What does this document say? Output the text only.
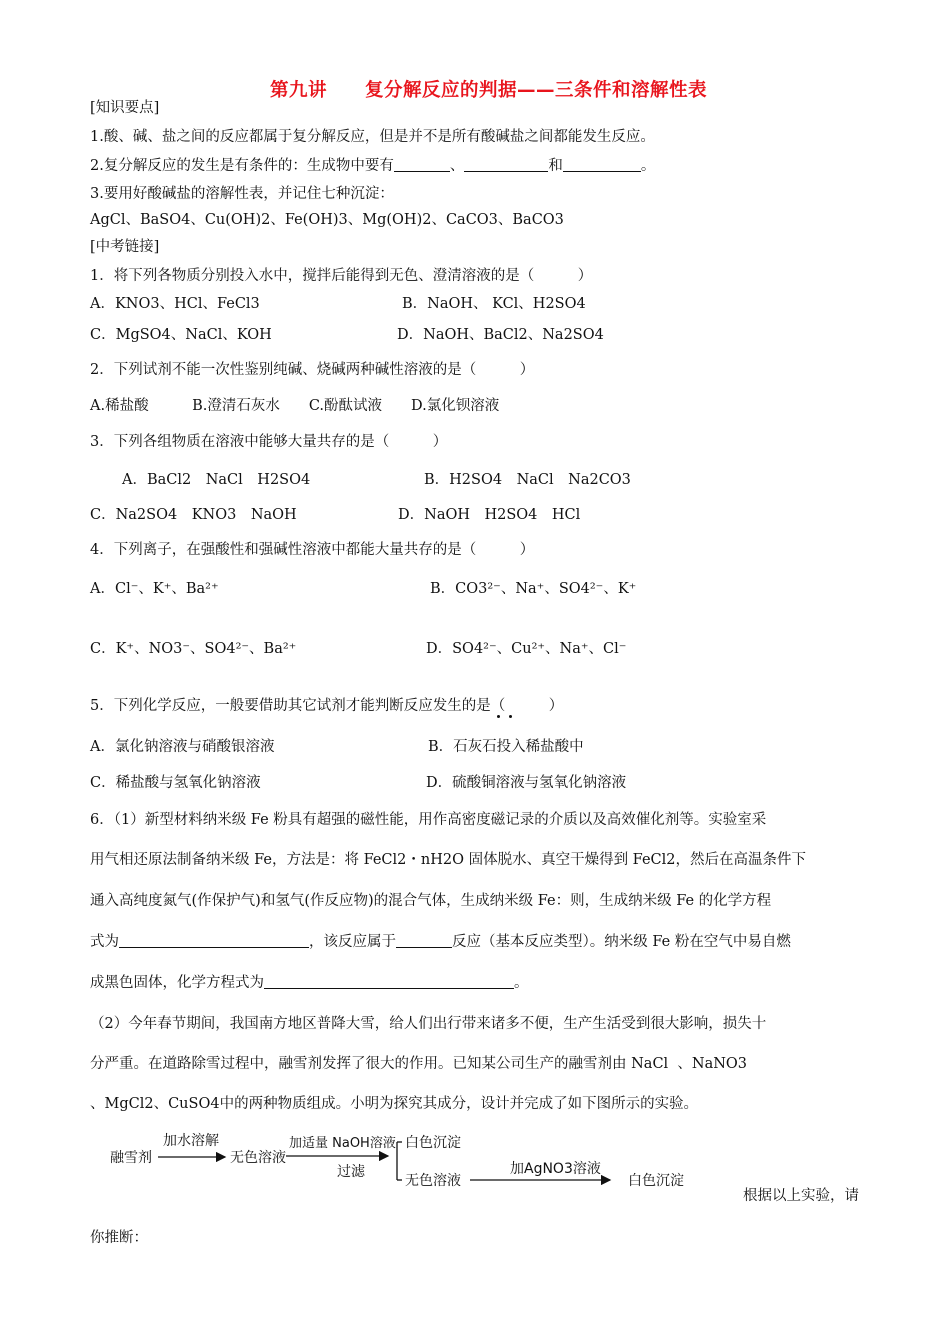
第九讲　　复分解反应的判据——三条件和溶解性表
[知识要点]
1.酸、碱、盐之间的反应都属于复分解反应，但是并不是所有酸碱盐之间都能发生反应。
2.复分解反应的发生是有条件的：生成物中要有	、	和	。
3.要用好酸碱盐的溶解性表，并记住七种沉淀：
AgCl、BaSO4、Cu(OH)2、Fe(OH)3、Mg(OH)2、CaCO3、BaCO3
[中考链接]
1．将下列各物质分别投入水中，搅拌后能得到无色、澄清溶液的是（　　　）
A．KNO3、HCl、FeCl3	B．NaOH、 KCl、H2SO4
C．MgSO4、NaCl、KOH	D．NaOH、BaCl2、Na2SO4
2．下列试剂不能一次性鉴别纯碱、烧碱两种碱性溶液的是（　　　）
A.稀盐酸　　　B.澄清石灰水　　C.酚酞试液　　D.氯化钡溶液
3．下列各组物质在溶液中能够大量共存的是（　　　）
A．BaCl2　NaCl　H2SO4	B．H2SO4　NaCl　Na2CO3
C．Na2SO4　KNO3　NaOH	D．NaOH　H2SO4　HCl
4．下列离子，在强酸性和强碱性溶液中都能大量共存的是（　　　）
A．Cl⁻、K⁺、Ba²⁺	B．CO3²⁻、Na⁺、SO4²⁻、K⁺
C．K⁺、NO3⁻、SO4²⁻、Ba²⁺	D．SO4²⁻、Cu²⁺、Na⁺、Cl⁻
5．下列化学反应，一般要借助其它试剂才能判断反应发生的是（　　　）
A．氯化钠溶液与硝酸银溶液	B．石灰石投入稀盐酸中
C．稀盐酸与氢氧化钠溶液	D．硫酸铜溶液与氢氧化钠溶液
6．（1）新型材料纳米级 Fe 粉具有超强的磁性能，用作高密度磁记录的介质以及高效催化剂等。实验室采
用气相还原法制备纳米级 Fe，方法是：将 FeCl2・nH2O 固体脱水、真空干燥得到 FeCl2，然后在高温条件下
通入高纯度氮气(作保护气)和氢气(作反应物)的混合气体，生成纳米级 Fe：则，生成纳米级 Fe 的化学方程
式为	，该反应属于	反应（基本反应类型）。纳米级 Fe 粉在空气中易自燃
成黑色固体，化学方程式为	。
（2）今年春节期间，我国南方地区普降大雪，给人们出行带来诸多不便，生产生活受到很大影响，损失十
分严重。在道路除雪过程中，融雪剂发挥了很大的作用。已知某公司生产的融雪剂由 NaCl  、NaNO3
、MgCl2、CuSO4中的两种物质组成。小明为探究其成分，设计并完成了如下图所示的实验。
融雪剂
加水溶解
无色溶液
加适量 NaOH溶液
过滤
白色沉淀
无色溶液
加AgNO3溶液
白色沉淀
根据以上实验，请
你推断：
